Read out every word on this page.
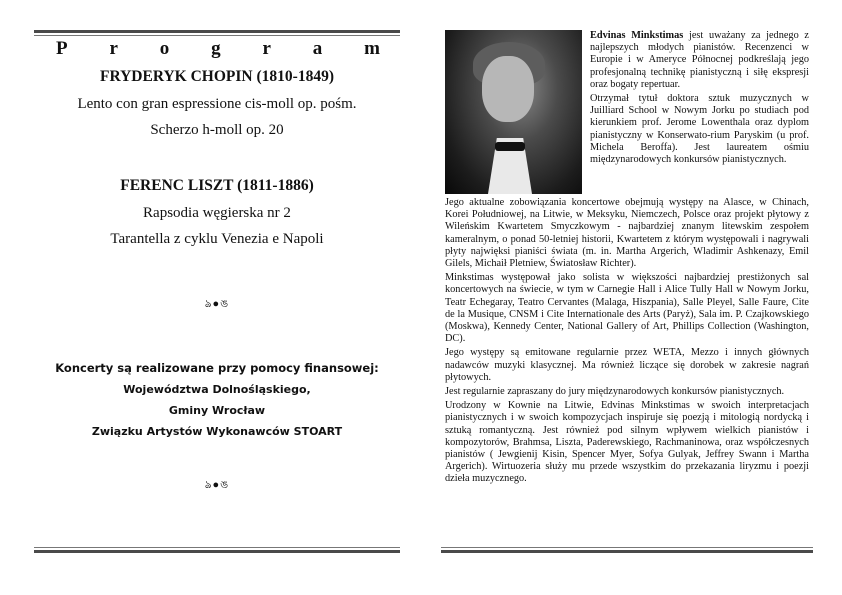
P r o g r a m
FRYDERYK CHOPIN (1810-1849)
Lento con gran espressione cis-moll op. pośm.
Scherzo h-moll op. 20
FERENC LISZT (1811-1886)
Rapsodia węgierska nr 2
Tarantella z cyklu Venezia e Napoli
ঌ●ঙ
Koncerty są realizowane przy pomocy finansowej:
Województwa Dolnośląskiego,
Gminy Wrocław
Związku Artystów Wykonawców STOART
ঌ●ঙ

Edvinas Minkstimas jest uważany za jednego z najlepszych młodych pianistów. Recenzenci w Europie i w Ameryce Północnej podkreślają jego profesjonalną technikę pianistyczną i siłę ekspresji oraz bogaty repertuar.

Otrzymał tytuł doktora sztuk muzycznych w Juilliard School w Nowym Jorku po studiach pod kierunkiem prof. Jerome Lowenthala oraz dyplom pianistyczny w Konserwato-rium Paryskim (u prof. Michela Beroffa). Jest laureatem ośmiu międzynarodowych konkursów pianistycznych.

Jego aktualne zobowiązania koncertowe obejmują występy na Alasce, w Chinach, Korei Południowej, na Litwie, w Meksyku, Niemczech, Polsce oraz projekt płytowy z Wileńskim Kwartetem Smyczkowym - najbardziej znanym litewskim zespołem kameralnym, o ponad 50-letniej historii, Kwartetem z którym występowali i nagrywali płyty najwięksi pianiści świata (m. in. Martha Argerich, Wladimir Ashkenazy, Emil Gilels, Michaił Pletniew, Światosław Richter).

Minkstimas występował jako solista w większości najbardziej prestiżonych sal koncertowych na świecie, w tym w Carnegie Hall i Alice Tully Hall w Nowym Jorku, Teatr Echegaray, Teatro Cervantes (Malaga, Hiszpania), Salle Pleyel, Salle Faure, Cite de la Musique, CNSM i Cite Internationale des Arts (Paryż), Sala im. P. Czajkowskiego (Moskwa), Kennedy Center, National Gallery of Art, Phillips Collection (Washington, DC).

Jego występy są emitowane regularnie przez WETA, Mezzo i innych głównych nadawców muzyki klasycznej. Ma również liczące się dorobek w zakresie nagrań płytowych.

Jest regularnie zapraszany do jury międzynarodowych konkursów pianistycznych.

Urodzony w Kownie na Litwie, Edvinas Minkstimas w swoich interpretacjach pianistycznych i w swoich kompozycjach inspiruje się poezją i mitologią nordycką i sztuką romantyczną. Jest również pod silnym wpływem wielkich pianistów i kompozytorów, Brahmsa, Liszta, Paderewskiego, Rachmaninowa, oraz współczesnych pianistów ( Jewgienij Kisin, Spencer Myer, Sofya Gulyak, Jeffrey Swann i Martha Argerich). Wirtuozeria służy mu przede wszystkim do przekazania liryzmu i poezji dzieła muzycznego.
